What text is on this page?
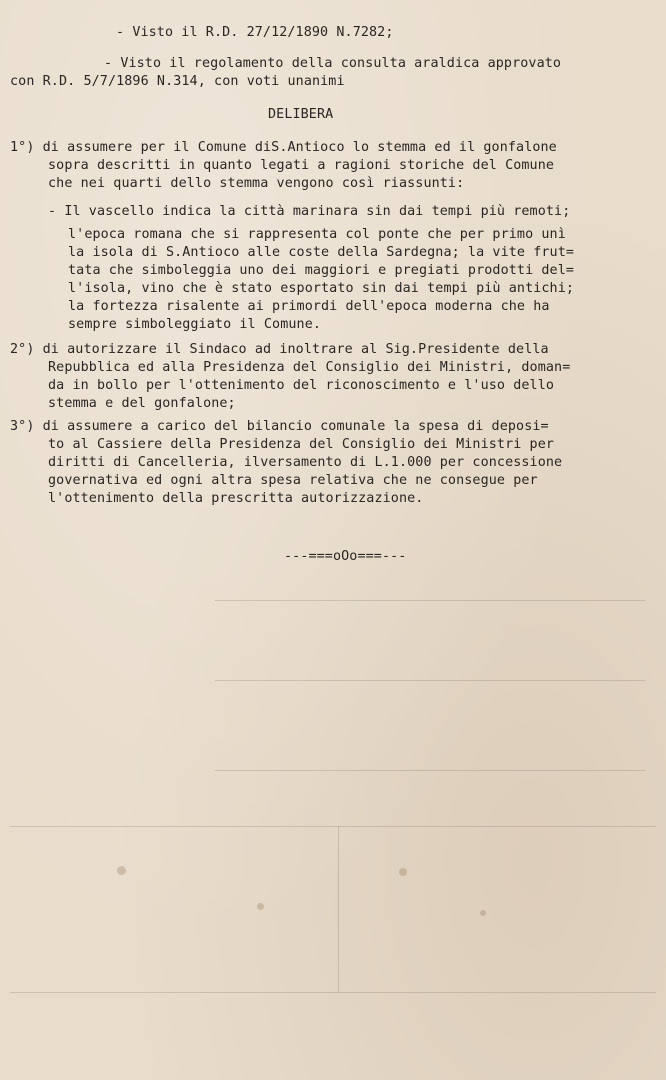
- Visto il R.D. 27/12/1890 N.7282;
- Visto il regolamento della consulta araldica approvato
con R.D. 5/7/1896 N.314, con voti unanimi
DELIBERA
1°) di assumere per il Comune diS.Antioco lo stemma ed il gonfalone
sopra descritti in quanto legati a ragioni storiche del Comune
che nei quarti dello stemma vengono così riassunti:
- Il vascello indica la città marinara sin dai tempi più remoti;
l'epoca romana che si rappresenta col ponte che per primo unì
la isola di S.Antioco alle coste della Sardegna; la vite frut=
tata che simboleggia uno dei maggiori e pregiati prodotti del=
l'isola, vino che è stato esportato sin dai tempi più antichi;
la fortezza risalente ai primordi dell'epoca moderna che ha
sempre simboleggiato il Comune.
2°) di autorizzare il Sindaco ad inoltrare al Sig.Presidente della
Repubblica ed alla Presidenza del Consiglio dei Ministri, doman=
da in bollo per l'ottenimento del riconoscimento e l'uso dello
stemma e del gonfalone;
3°) di assumere a carico del bilancio comunale la spesa di deposi=
to al Cassiere della Presidenza del Consiglio dei Ministri per
diritti di Cancelleria, ilversamento di L.1.000 per concessione
governativa ed ogni altra spesa relativa che ne consegue per
l'ottenimento della prescritta autorizzazione.
---===oOo===---
